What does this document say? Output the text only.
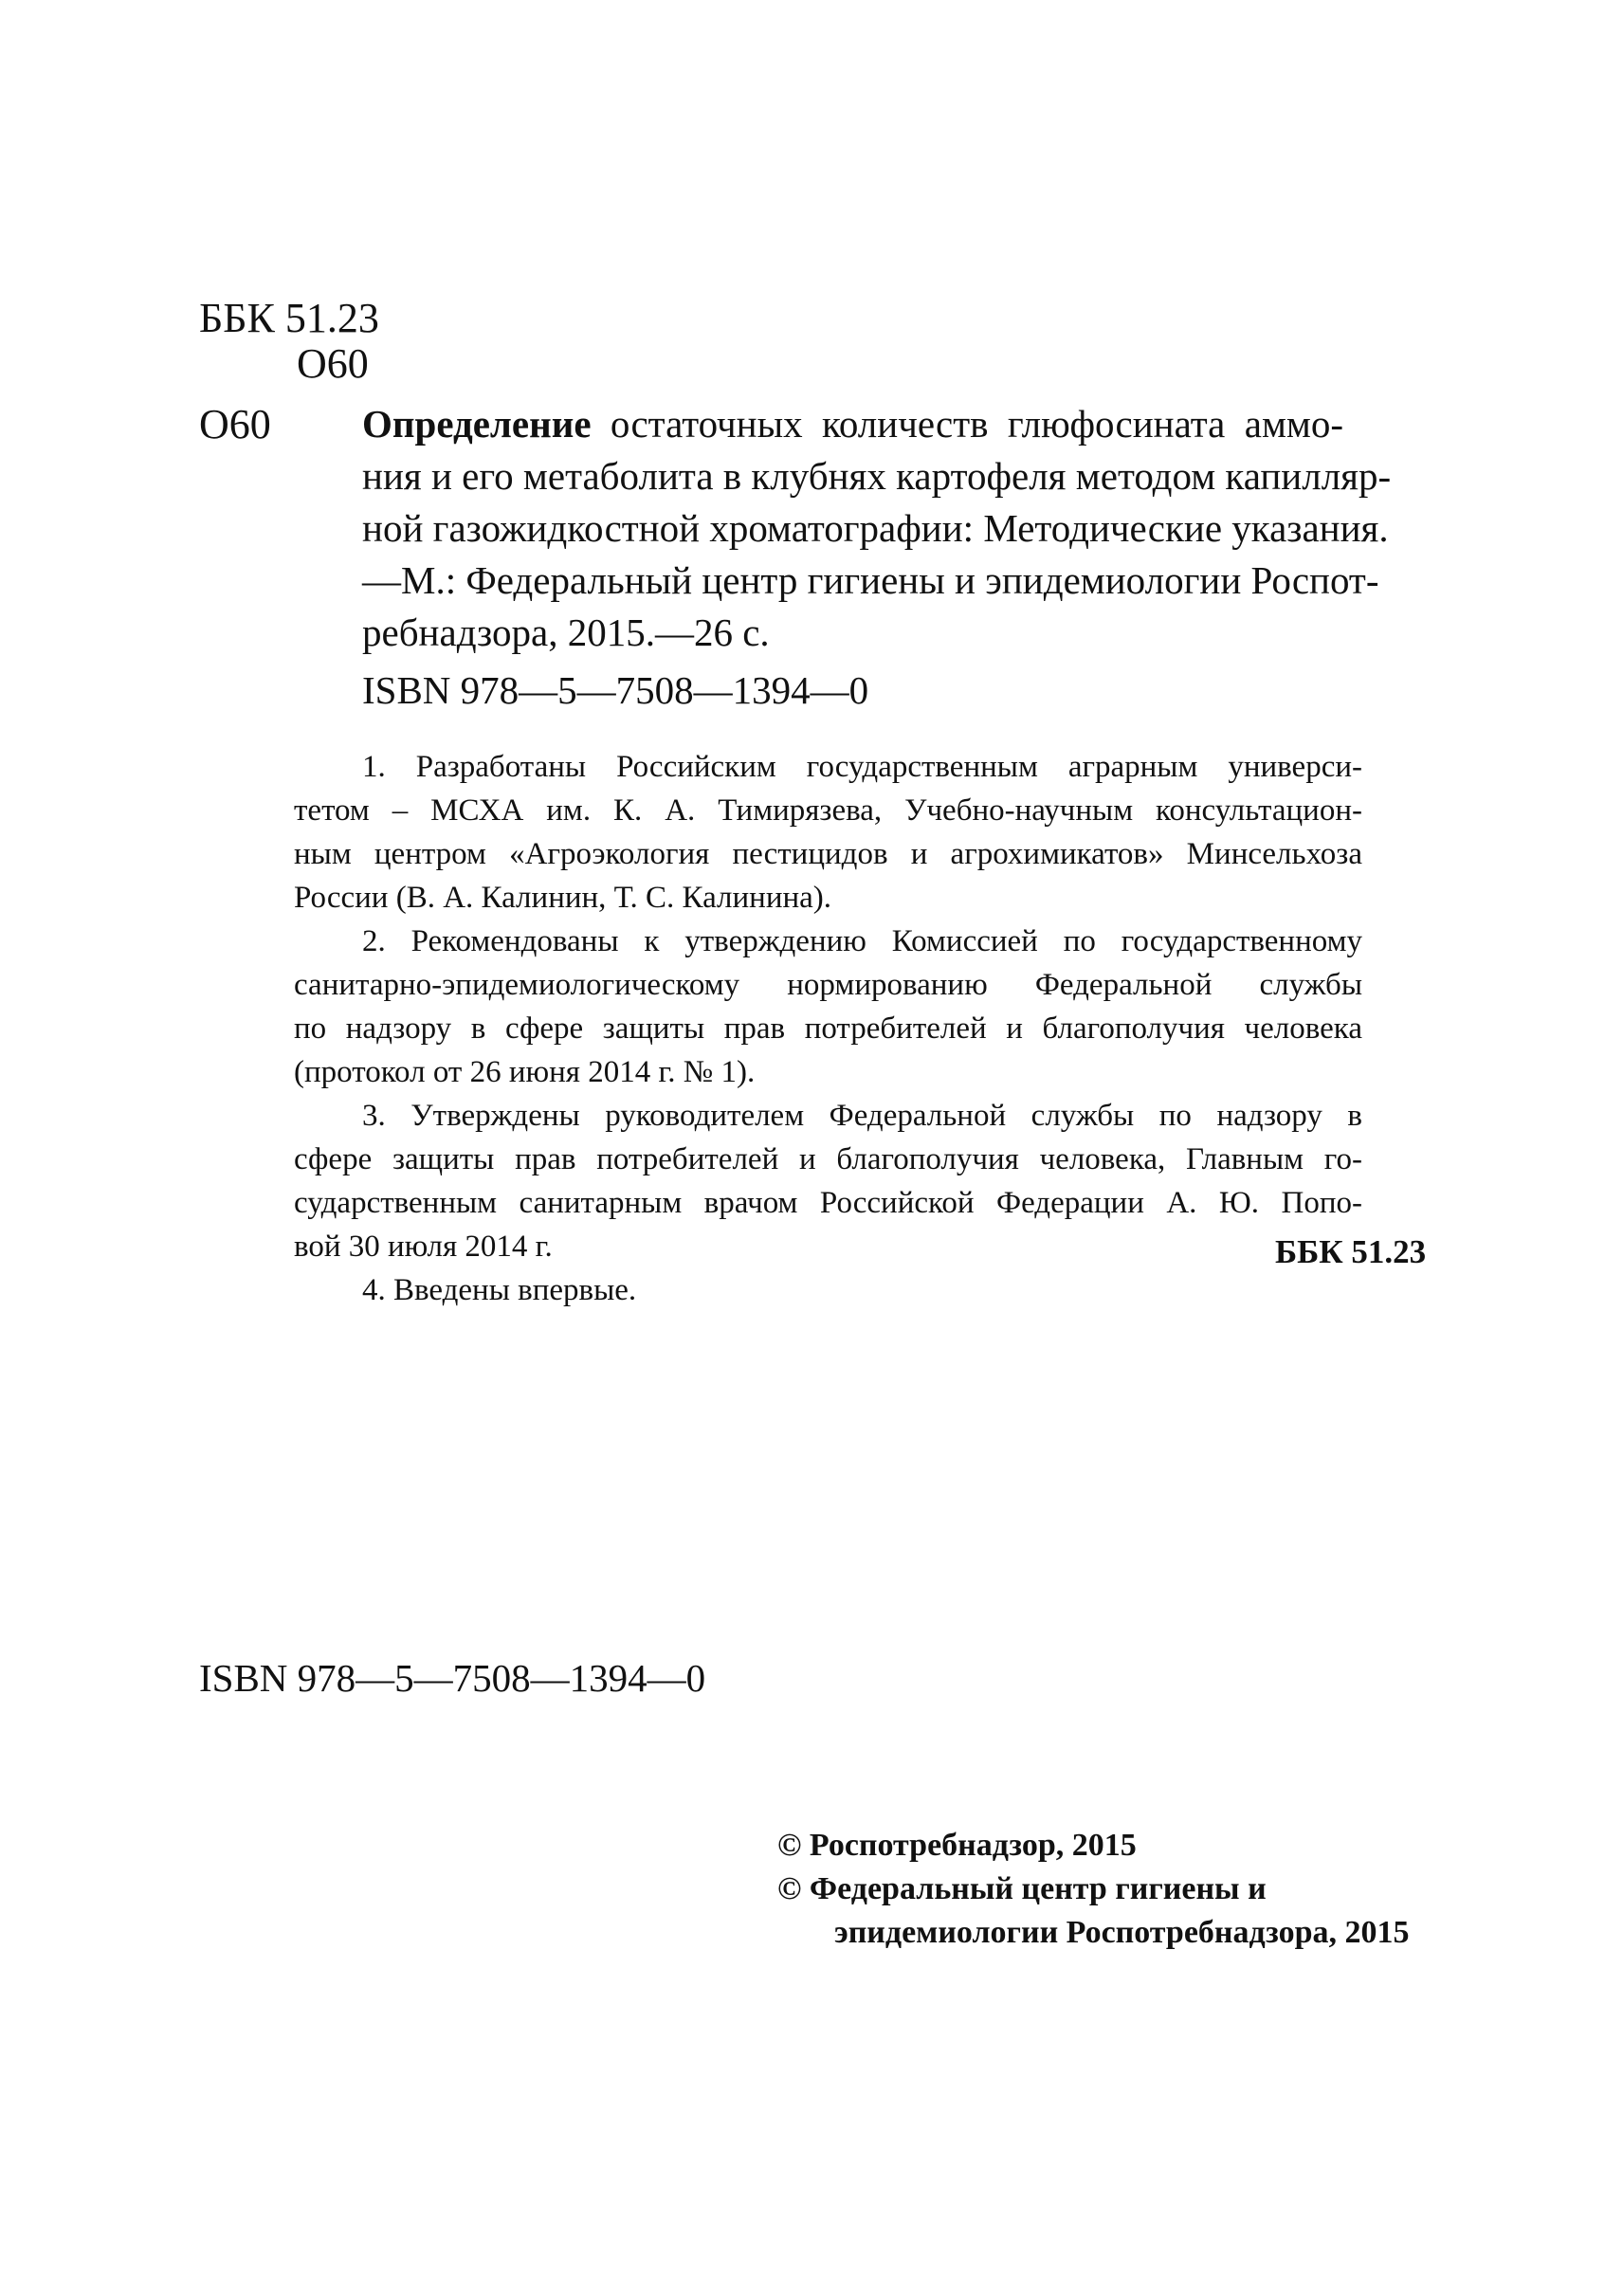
ББК 51.23
О60
О60 Определение остаточных количеств глюфосината аммо-
ния и его метаболита в клубнях картофеля методом капилляр-
ной газожидкостной хроматографии: Методические указания.
—М.: Федеральный центр гигиены и эпидемиологии Роспот-
ребнадзора, 2015.—26 с.
ISBN 978—5—7508—1394—0
1. Разработаны Российским государственным аграрным универси-
тетом – МСХА им. К. А. Тимирязева, Учебно-научным консультацион-
ным центром «Агроэкология пестицидов и агрохимикатов» Минсельхоза
России (В. А. Калинин, Т. С. Калинина).
2. Рекомендованы к утверждению Комиссией по государственному
санитарно-эпидемиологическому нормированию Федеральной службы
по надзору в сфере защиты прав потребителей и благополучия человека
(протокол от 26 июня 2014 г. № 1).
3. Утверждены руководителем Федеральной службы по надзору в
сфере защиты прав потребителей и благополучия человека, Главным го-
сударственным санитарным врачом Российской Федерации А. Ю. Попо-
вой 30 июля 2014 г.
4. Введены впервые.
ББК 51.23
ISBN 978—5—7508—1394—0
© Роспотребнадзор, 2015
© Федеральный центр гигиены и
эпидемиологии Роспотребнадзора, 2015
